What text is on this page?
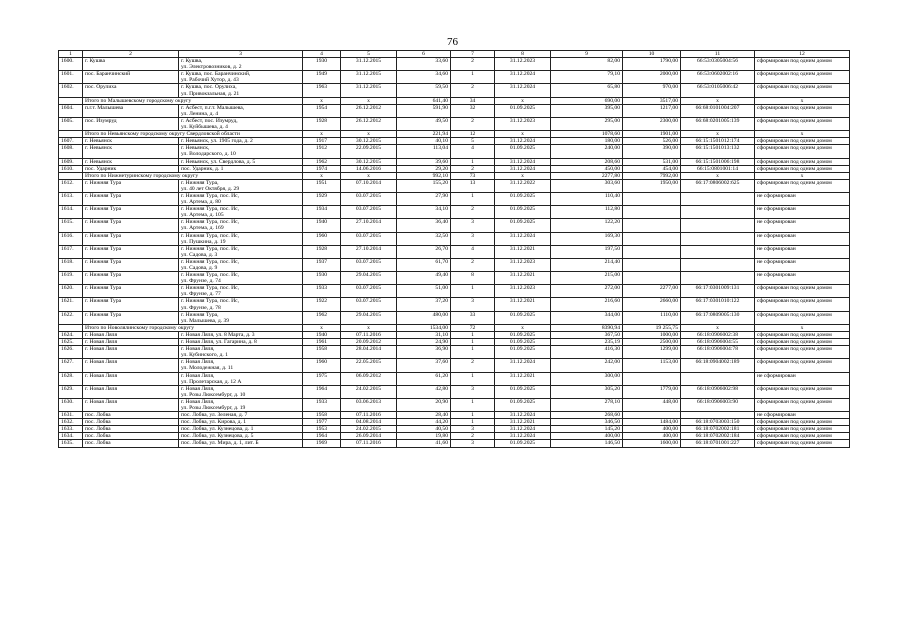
76
1	2	3	4	5	6	7	8	9	10	11	12
1600.	г. Кушва	г. Кушва,
ул. Электровозников, д. 2	1930	31.12.2015	33,60	2	31.12.2023	82,00	1790,00	66:53:0305004:56	сформирован под одним домом
1601.	пос. Баранчинский	г. Кушва, пос. Баранчинский,
ул. Рабочий Хутор, д. 43	1949	31.12.2015	34,60	1	31.12.2024	79,10	2000,00	66:53:0602002:16	сформирован под одним домом
1602.	пос. Орулиха	г. Кушва, пос. Орулиха,
ул. Привокзальная, д. 21	1963	31.12.2015	59,50	2	31.12.2024	65,80	970,00	66:53:0105006:42	сформирован под одним домом
	Итого по Малышевскому городскому округу		x	x	641,40	34	x	690,00	3517,00	x	x
1604.	п.г.т. Малышева	г. Асбест, п.г.т. Малышева,
ул. Ленина, д. 4	1954	26.12.2012	591,90	32	01.09.2025	395,00	1217,00	66:68:0101004:207	сформирован под одним домом
1605.	пос. Изумруд	г. Асбест, пос. Изумруд,
ул. Куйбышева, д. 4	1928	26.12.2012	49,50	2	31.12.2023	295,00	2300,00	66:68:0201005:139	сформирован под одним домом
	Итого по Невьянскому городскому округу Свердловской области		x	x	221,94	12	x	1078,60	1901,00	x	x
1607.	г. Невьянск	г. Невьянск, ул. 1905 года, д. 2	1917	30.12.2015	40,10	5	31.12.2024	180,00	526,00	66:15:1501012:174	сформирован под одним домом
1608.	г. Невьянск	г. Невьянск,
ул. Володарского, д. 10	1912	22.09.2015	113,04	4	01.09.2025	240,00	390,00	66:15:1501013:132	сформирован под одним домом
1609.	г. Невьянск	г. Невьянск, ул. Свердлова, д. 5	1962	30.12.2015	39,60	1	31.12.2024	208,60	531,00	66:15:1501006:198	сформирован под одним домом
1610.	пос. Ударник	пос. Ударник, д. 1	1974	14.06.2016	29,20	2	31.12.2024	450,00	454,00	66:15:0801001:14	сформирован под одним домом
	Итого по Нижнетуринскому городскому округу		x	x	992,10	73	x	2277,80	7992,00	x	x
1612.	г. Нижняя Тура	г. Нижняя Тура,
ул. 40 лет Октября, д. 29	1951	07.10.2014	155,20	13	31.12.2022	303,60	1950,00	66:17:0806002:625	сформирован под одним домом
1613.	г. Нижняя Тура	г. Нижняя Тура, пос. Ис,
ул. Артема, д. 80	1929	03.07.2015	27,90	1	01.09.2025	110,40			не сформирован
1614.	г. Нижняя Тура	г. Нижняя Тура, пос. Ис,
ул. Артема, д. 105	1934	03.07.2015	34,10	2	01.09.2025	112,80			не сформирован
1615.	г. Нижняя Тура	г. Нижняя Тура, пос. Ис,
ул. Артема, д. 169	1940	27.10.2014	36,40	3	01.09.2025	122,20			не сформирован
1616.	г. Нижняя Тура	г. Нижняя Тура, пос. Ис,
ул. Пушкина, д. 19	1960	03.07.2015	32,50	3	31.12.2024	169,30			не сформирован
1617.	г. Нижняя Тура	г. Нижняя Тура, пос. Ис,
ул. Садова, д. 3	1928	27.10.2014	26,70	4	31.12.2021	197,50			не сформирован
1618.	г. Нижняя Тура	г. Нижняя Тура, пос. Ис,
ул. Садова, д. 9	1937	03.07.2015	61,70	2	31.12.2023	214,40			не сформирован
1619.	г. Нижняя Тура	г. Нижняя Тура, пос. Ис,
ул. Фрунзе, д. 74	1930	29.04.2015	49,40	8	31.12.2021	215,00			не сформирован
1620.	г. Нижняя Тура	г. Нижняя Тура, пос. Ис,
ул. Фрунзе, д. 77	1933	03.07.2015	51,00	1	31.12.2023	272,00	2277,00	66:17:0301009:131	сформирован под одним домом
1621.	г. Нижняя Тура	г. Нижняя Тура, пос. Ис,
ул. Фрунзе, д. 78	1922	03.07.2015	37,20	3	31.12.2021	216,60	2660,00	66:17:0301010:122	сформирован под одним домом
1622.	г. Нижняя Тура	г. Нижняя Тура,
ул. Малышева, д. 39	1962	29.04.2015	480,00	33	01.09.2025	344,00	1110,00	66:17:0809005:130	сформирован под одним домом
	Итого по Новолялинскому городскому округу		x	x	1534,00	72	x	8390,94	19 255,75	x	x
1624.	г. Новая Ляля	г. Новая Ляля, ул. 8 Марта, д. 3	1940	07.11.2016	31,10	1	01.09.2025	367,50	1000,00	66:18:0906002:38	сформирован под одним домом
1625.	г. Новая Ляля	г. Новая Ляля, ул. Гагарина, д. 8	1961	20.09.2012	24,90	1	01.09.2025	235,19	2500,00	66:18:0906004:55	сформирован под одним домом
1626.	г. Новая Ляля	г. Новая Ляля,
ул. Кубинского, д. 1	1958	28.04.2014	36,90	1	01.09.2025	416,30	1299,00	66:18:0906004:78	сформирован под одним домом
1627.	г. Новая Ляля	г. Новая Ляля,
ул. Молодежная, д. 11	1960	22.05.2015	37,60	2	31.12.2024	242,00	1153,00	66:18:0904002:189	сформирован под одним домом
1628.	г. Новая Ляля	г. Новая Ляля,
ул. Пролетарская, д. 12 А	1975	06.09.2012	61,20	1	31.12.2021	300,00			не сформирован
1629.	г. Новая Ляля	г. Новая Ляля,
ул. Розы Люксембург, д. 10	1964	24.02.2015	42,80	3	01.09.2025	305,20	1779,00	66:18:0906002:98	сформирован под одним домом
1630.	г. Новая Ляля	г. Новая Ляля,
ул. Розы Люксембург, д. 19	1933	03.06.2013	20,90	1	01.09.2025	278,10	448,00	66:18:0906003:90	сформирован под одним домом
1631.	пос. Лобва	пос. Лобва, ул. Зеленая, д. 7	1958	07.11.2016	28,40	1	31.12.2024	268,60			не сформирован
1632.	пос. Лобва	пос. Лобва, ул. Кирова, д. 1	1977	04.08.2014	44,20	1	31.12.2021	346,50	1484,00	66:18:0703003:150	сформирован под одним домом
1633.	пос. Лобва	пос. Лобва, ул. Кузнецова, д. 1	1953	24.02.2015	40,50	3	31.12.2024	145,20	400,00	66:18:0702002:181	сформирован под одним домом
1634.	пос. Лобва	пос. Лобва, ул. Кузнецова, д. 5	1964	26.09.2014	19,80	2	31.12.2024	400,00	400,00	66:18:0702002:184	сформирован под одним домом
1635.	пос. Лобва	пос. Лобва, ул. Мира, д. 1, лит. Б	1969	07.11.2016	41,60	3	01.09.2025	146,50	1600,00	66:18:0701001:227	сформирован под одним домом
